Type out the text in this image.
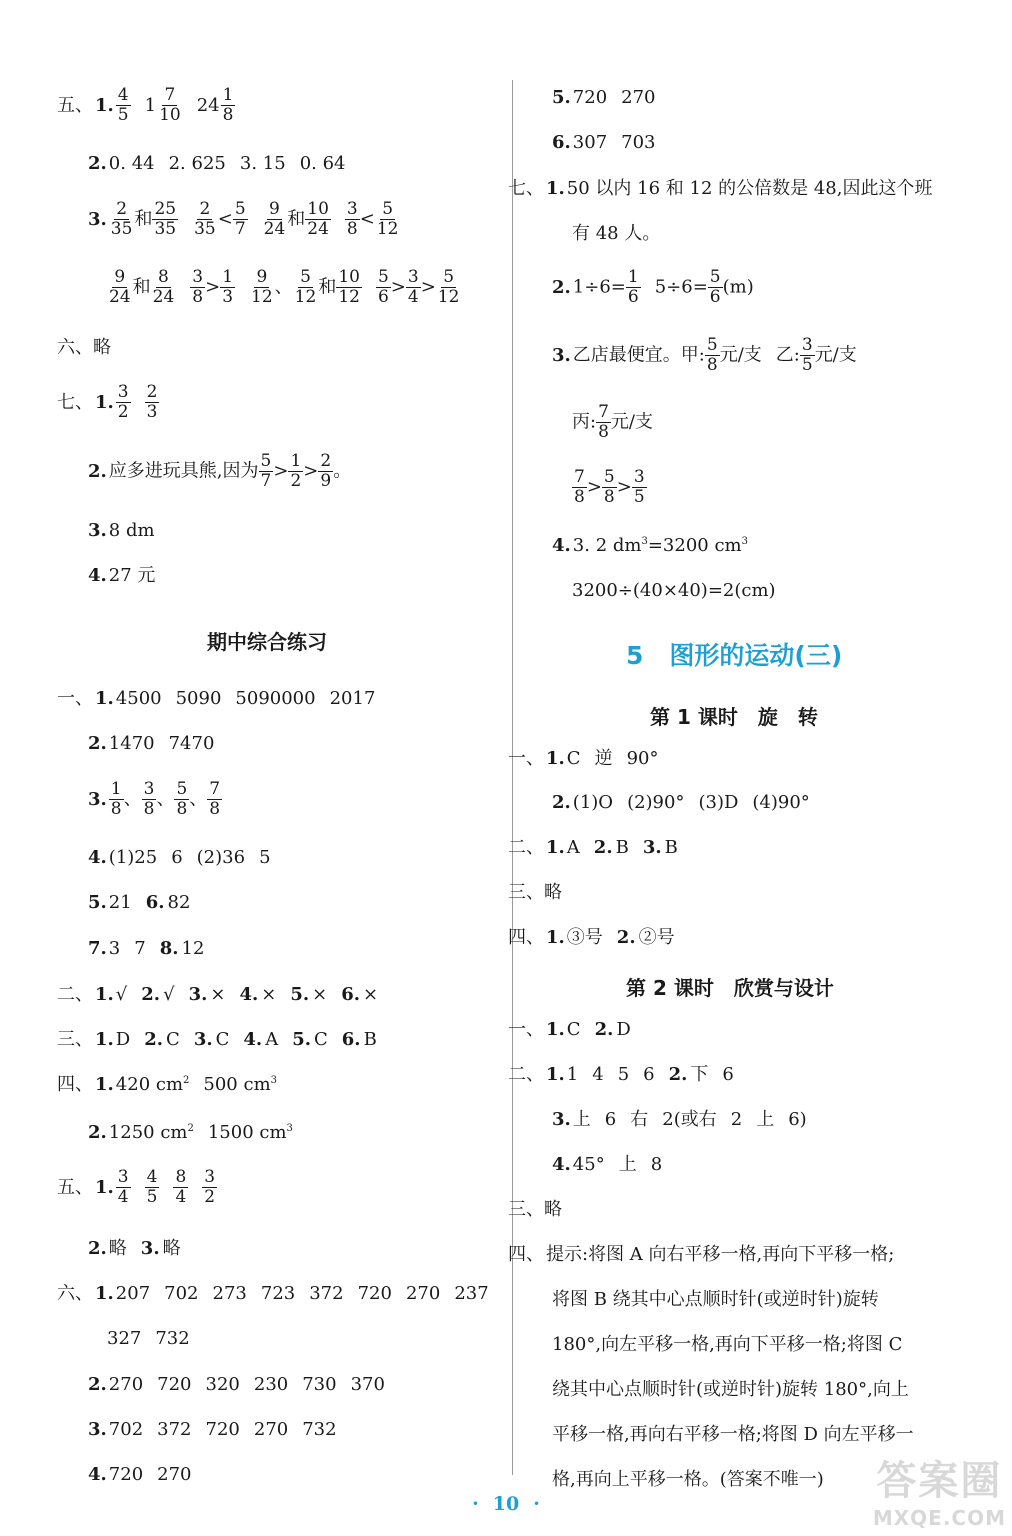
五、 1. $\frac{4}{5} 1 \frac{7}{10} 24 \frac{1}{8}$
2. 0. 44 2. 625 3. 15 0. 64
3. $\frac{2}{35}$ 和 $\frac{25}{35} \frac{2}{35} < \frac{5}{7} \frac{9}{24}$ 和 $\frac{10}{24} \frac{3}{8} < \frac{5}{12}$
$\frac{9}{24}$ 和 $\frac{8}{24} \frac{3}{8} > \frac{1}{3} \frac{9}{12}$ 、 $\frac{5}{12}$ 和 $\frac{10}{12} \frac{5}{6} > \frac{3}{4} > \frac{5}{12}$
六、略
七、 1. $\frac{3}{2} \frac{2}{3}$
2. 应多进玩具熊,因为 $\frac{5}{7} > \frac{1}{2} > \frac{2}{9}$ 。
3. 8 dm
4. 27 元
一、 1. 4500 5090 5090000 2017
2. 1470 7470
3. $\frac{1}{8}$ 、 $\frac{3}{8}$ 、 $\frac{5}{8}$ 、 $\frac{7}{8}$
4. (1)25 6 (2)36 5
5. 21 6. 82
7. 3 7 8. 12
二、 1. √ 2. √ 3. × 4. × 5. × 6. ×
三、 1. D 2. C 3. C 4. A 5. C 6. B
四、 1. 420 $cm^2$ 500 $cm^3$
2. 1250 $cm^2$ 1500 $cm^3$
五、 1. $\frac{3}{4} \frac{4}{5} \frac{8}{4} \frac{3}{2}$
2. 略 3. 略
六、 1. 207 702 273 723 372 720 270 237
327 732
2. 270 720 320 230 730 370
3. 702 372 720 270 732
4. 720 270
5. 720 270
6. 307 703
七、 1. 50 以内 16 和 12 的公倍数是 48,因此这个班
有 48 人。
2. $1\div 6= \frac{1}{6} 5\div 6= \frac{5}{6} (m)$
3. 乙店最便宜。甲: $\frac{5}{8}$ 元/支 乙: $\frac{3}{5}$ 元/支
丙: $\frac{7}{8}$ 元/支
$\frac{7}{8} > \frac{5}{8} > \frac{3}{5}$
4. 3. 2 $dm^3=3200$ $cm^3$
3200÷(40×40)=2(cm)
一、 1. C 逆 90°
2. (1)O (2)90° (3)D (4)90°
二、 1. A 2. B 3. B
三、略
四、 1. ③号 2. ②号
一、 1. C 2. D
二、 1. 1 4 5 6 2. 下 6
3. 上 6 右 2(或右 2 上 6)
4. 45° 上 8
三、略
四、 提示:将图 A 向右平移一格,再向下平移一格;
将图 B 绕其中心点顺时针(或逆时针)旋转
180°,向左平移一格,再向下平移一格;将图 C
绕其中心点顺时针(或逆时针)旋转 180°,向上
平移一格,再向右平移一格;将图 D 向左平移一
格,再向上平移一格。(答案不唯一)
期中综合练习	5 图形的运动(三)
第 1 课时　旋　转
第 2 课时　欣赏与设计
· 10 ·	答案圈
MXQE.COM
